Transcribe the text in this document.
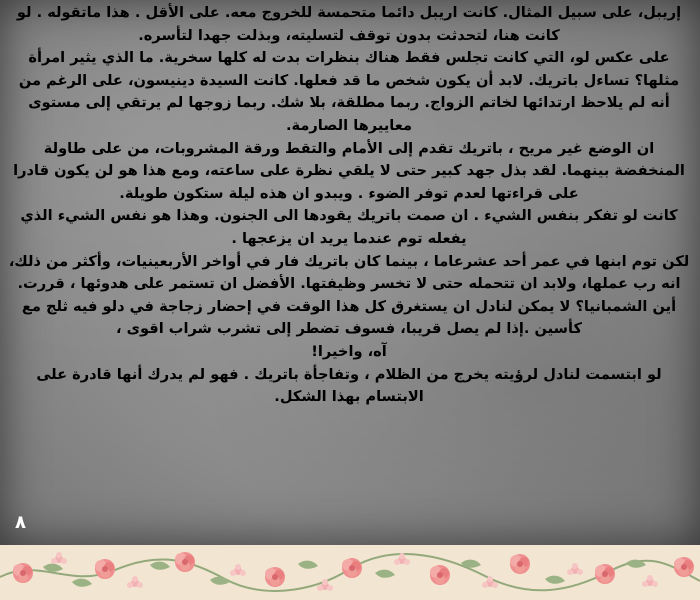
إريبل، على سبيل المثال. كانت اريبل دائما متحمسة للخروج معه. على الأقل . هذا ماتقوله . لو كانت هنا، لتحدثت بدون توقف لتسليته، وبذلت جهدا لتأسره.

على عكس لو، التي كانت تجلس فقط هناك بنظرات بدت له كلها سخرية. ما الذي يثير امرأة مثلها؟ تساءل باتريك. لابد أن يكون شخص ما قد فعلها. كانت السيدة دينيسون، على الرغم من أنه لم يلاحظ ارتدائها لخاتم الزواج. ربما مطلقة، بلا شك. ربما زوجها لم يرتقي إلى مستوى معاييرها الصارمة.

ان الوضع غير مريح ، باتريك تقدم إلى الأمام والتقط ورقة المشروبات، من على طاولة المنخفضة بينهما. لقد بذل جهد كبير حتى لا يلقي نظرة على ساعته، ومع هذا هو لن يكون قادرا على قراءتها لعدم توفر الضوء . ويبدو ان هذه ليلة ستكون طويلة.

كانت لو تفكر بنفس الشيء . ان صمت باتريك يقودها الى الجنون. وهذا هو نفس الشيء الذي يفعله توم عندما يريد ان يزعجها .

لكن توم ابنها في عمر أحد عشرعاما ، بينما كان باتريك فار في أواخر الأربعينيات، وأكثر من ذلك، انه رب عملها، ولابد ان تتحمله حتى لا تخسر وظيفتها. الأفضل ان تستمر على هدوئها ، قررت.

أين الشمبانيا؟ لا يمكن لنادل ان يستغرق كل هذا الوقت في إحضار زجاجة في دلو فيه ثلج مع كأسين .إذا لم يصل قريبا، فسوف تضطر إلى تشرب شراب اقوى ،

آه، واخيرا!

لو ابتسمت لنادل لرؤيته يخرج من الظلام ، وتفاجأة باتريك . فهو لم يدرك أنها قادرة على الابتسام بهذا الشكل.

٨
